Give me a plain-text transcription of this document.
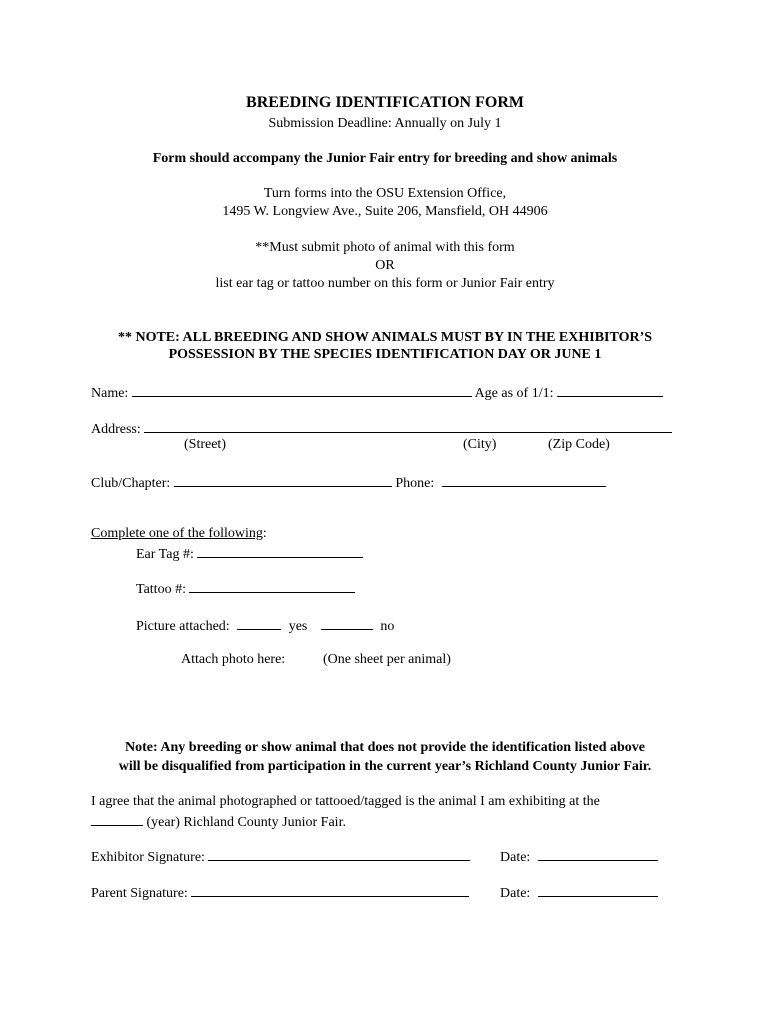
BREEDING IDENTIFICATION FORM
Submission Deadline: Annually on July 1
Form should accompany the Junior Fair entry for breeding and show animals
Turn forms into the OSU Extension Office,
1495 W. Longview Ave., Suite 206, Mansfield, OH 44906
**Must submit photo of animal with this form
OR
list ear tag or tattoo number on this form or Junior Fair entry
** NOTE: ALL BREEDING AND SHOW ANIMALS MUST BY IN THE EXHIBITOR’S
POSSESSION BY THE SPECIES IDENTIFICATION DAY OR JUNE 1
Name:	Age as of 1/1:
Address:
(Street)	(City)	(Zip Code)
Club/Chapter:	Phone:
Complete one of the following:
Ear Tag #:
Tattoo #:
Picture attached:	yes	no
Attach photo here:	(One sheet per animal)
Note: Any breeding or show animal that does not provide the identification listed above
will be disqualified from participation in the current year’s Richland County Junior Fair.
I agree that the animal photographed or tattooed/tagged is the animal I am exhibiting at the
(year) Richland County Junior Fair.
Exhibitor Signature:	Date:
Parent Signature:	Date:
